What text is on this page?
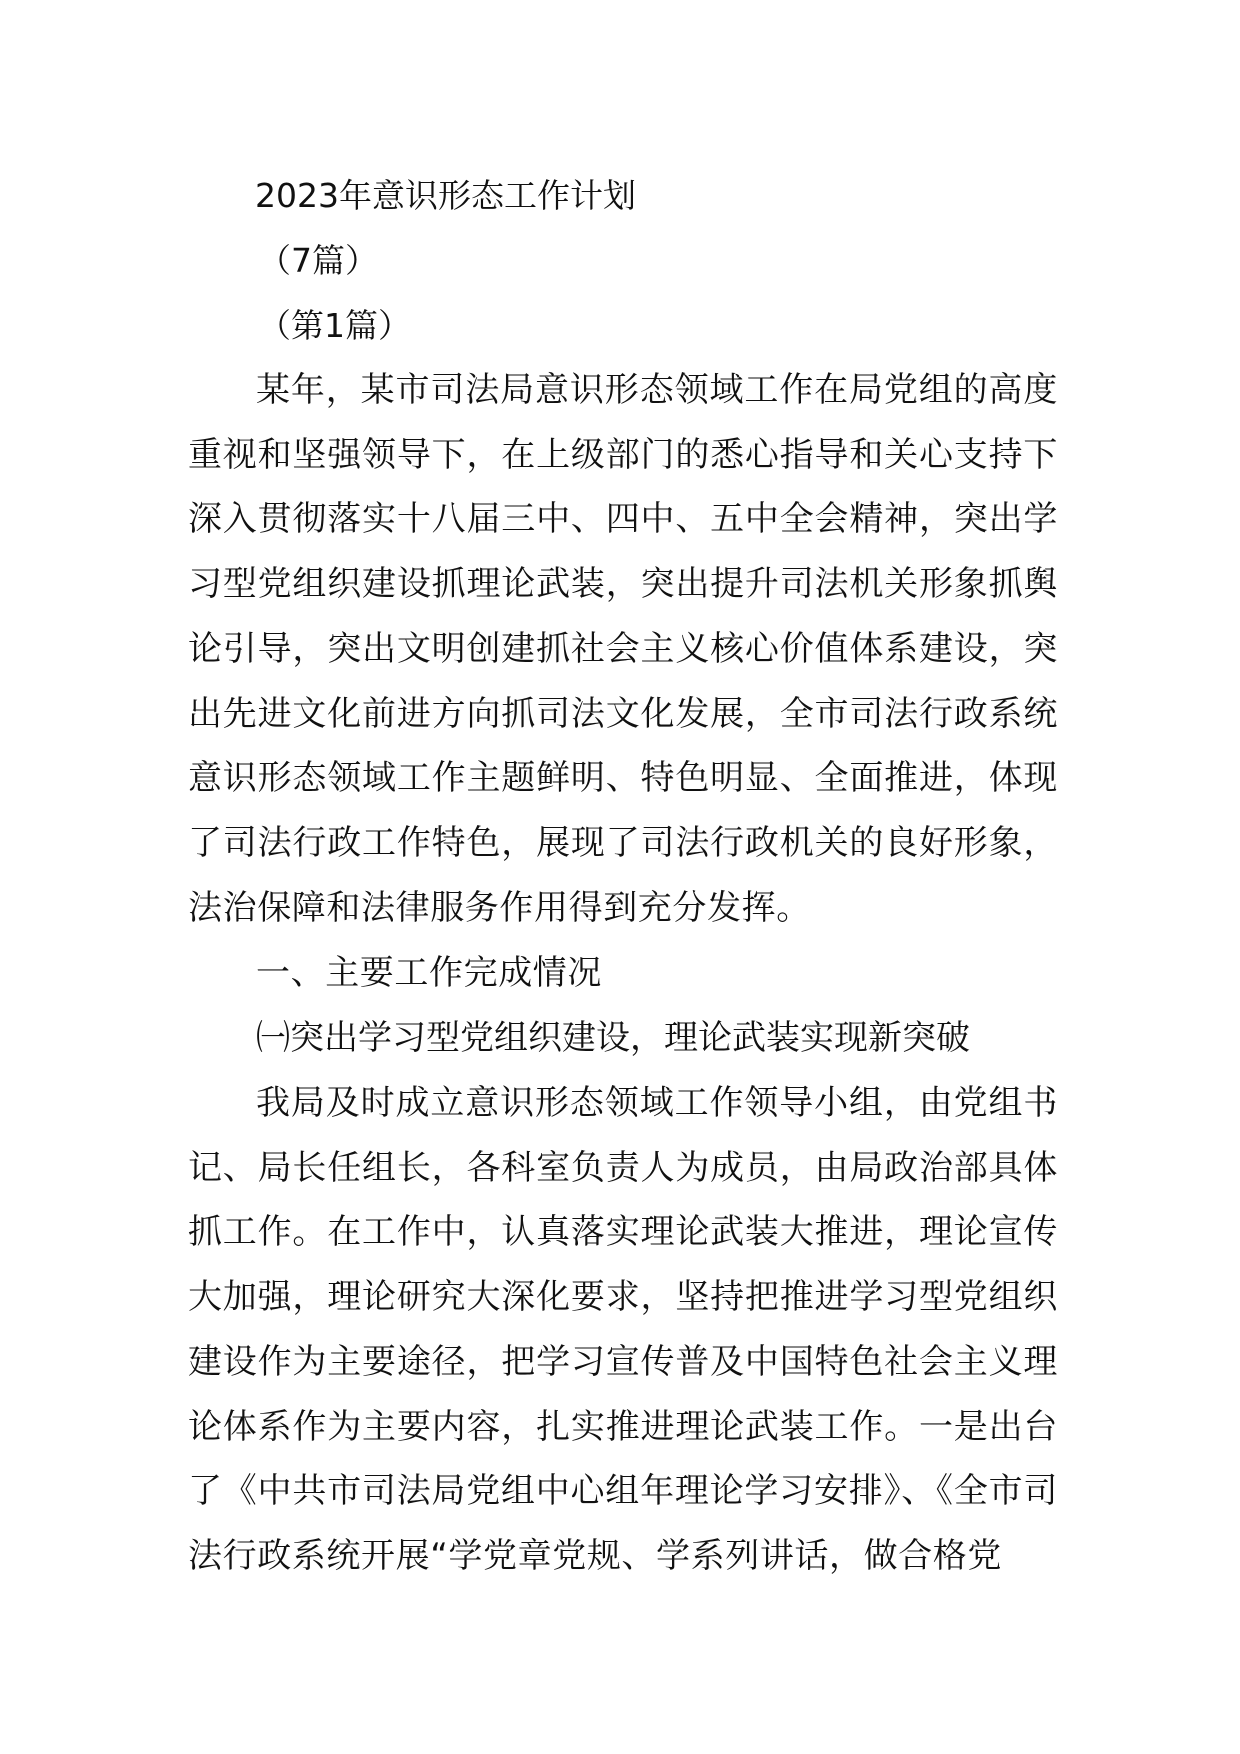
2023年意识形态工作计划
（7篇）
（第1篇）

某年，某市司法局意识形态领域工作在局党组的高度重视和坚强领导下，在上级部门的悉心指导和关心支持下深入贯彻落实十八届三中、四中、五中全会精神，突出学习型党组织建设抓理论武装，突出提升司法机关形象抓舆论引导，突出文明创建抓社会主义核心价值体系建设，突出先进文化前进方向抓司法文化发展，全市司法行政系统意识形态领域工作主题鲜明、特色明显、全面推进，体现了司法行政工作特色，展现了司法行政机关的良好形象，法治保障和法律服务作用得到充分发挥。

一、主要工作完成情况

㈠突出学习型党组织建设，理论武装实现新突破

我局及时成立意识形态领域工作领导小组，由党组书记、局长任组长，各科室负责人为成员，由局政治部具体抓工作。在工作中，认真落实理论武装大推进，理论宣传大加强，理论研究大深化要求，坚持把推进学习型党组织建设作为主要途径，把学习宣传普及中国特色社会主义理论体系作为主要内容，扎实推进理论武装工作。一是出台了《中共市司法局党组中心组年理论学习安排》、《全市司法行政系统开展“学党章党规、学系列讲话，做合格党
